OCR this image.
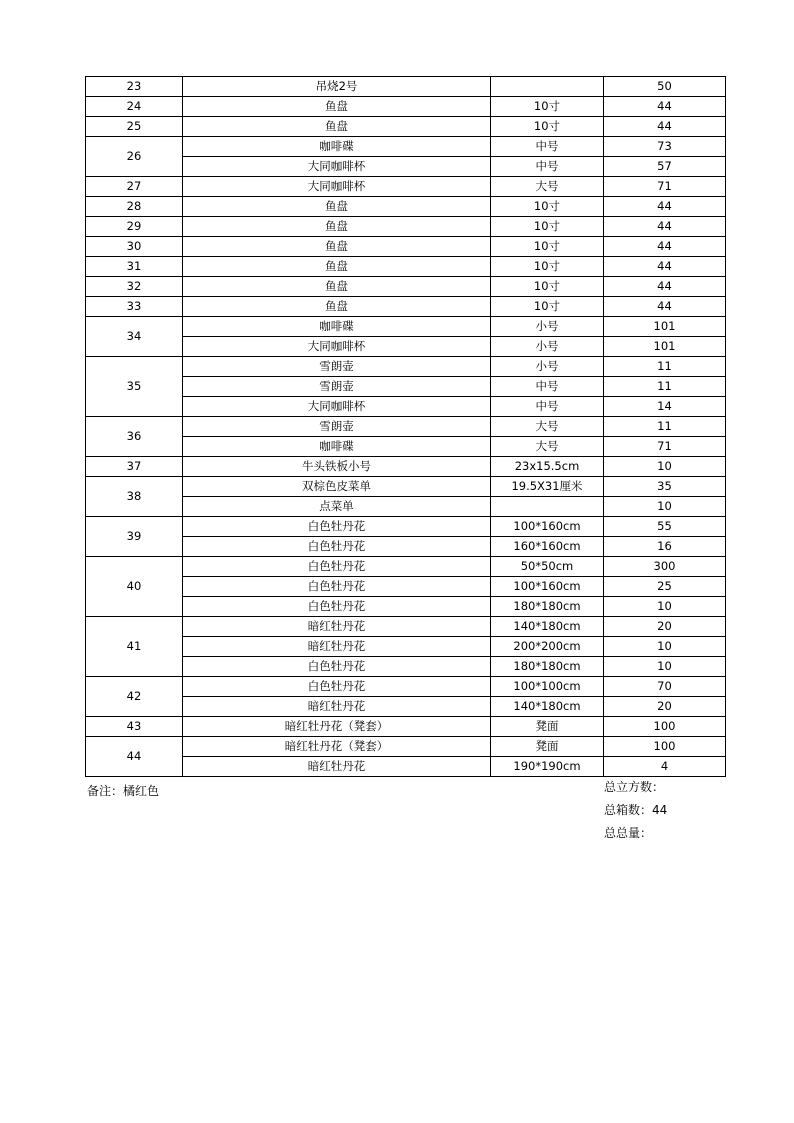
23	吊烧2号		50
24	鱼盘	10寸	44
25	鱼盘	10寸	44
26	咖啡碟	中号	73
	大同咖啡杯	中号	57
27	大同咖啡杯	大号	71
28	鱼盘	10寸	44
29	鱼盘	10寸	44
30	鱼盘	10寸	44
31	鱼盘	10寸	44
32	鱼盘	10寸	44
33	鱼盘	10寸	44
34	咖啡碟	小号	101
	大同咖啡杯	小号	101
35	雪朗壶	小号	11
	雪朗壶	中号	11
	大同咖啡杯	中号	14
36	雪朗壶	大号	11
	咖啡碟	大号	71
37	牛头铁板小号	23x15.5cm	10
38	双棕色皮菜单	19.5X31厘米	35
	点菜单		10
39	白色牡丹花	100*160cm	55
	白色牡丹花	160*160cm	16
40	白色牡丹花	50*50cm	300
	白色牡丹花	100*160cm	25
	白色牡丹花	180*180cm	10
41	暗红牡丹花	140*180cm	20
	暗红牡丹花	200*200cm	10
	白色牡丹花	180*180cm	10
42	白色牡丹花	100*100cm	70
	暗红牡丹花	140*180cm	20
43	暗红牡丹花（凳套）	凳面	100
44	暗红牡丹花（凳套）	凳面	100
	暗红牡丹花	190*190cm	4
备注：橘红色	总立方数：
总箱数：44
总总量：
